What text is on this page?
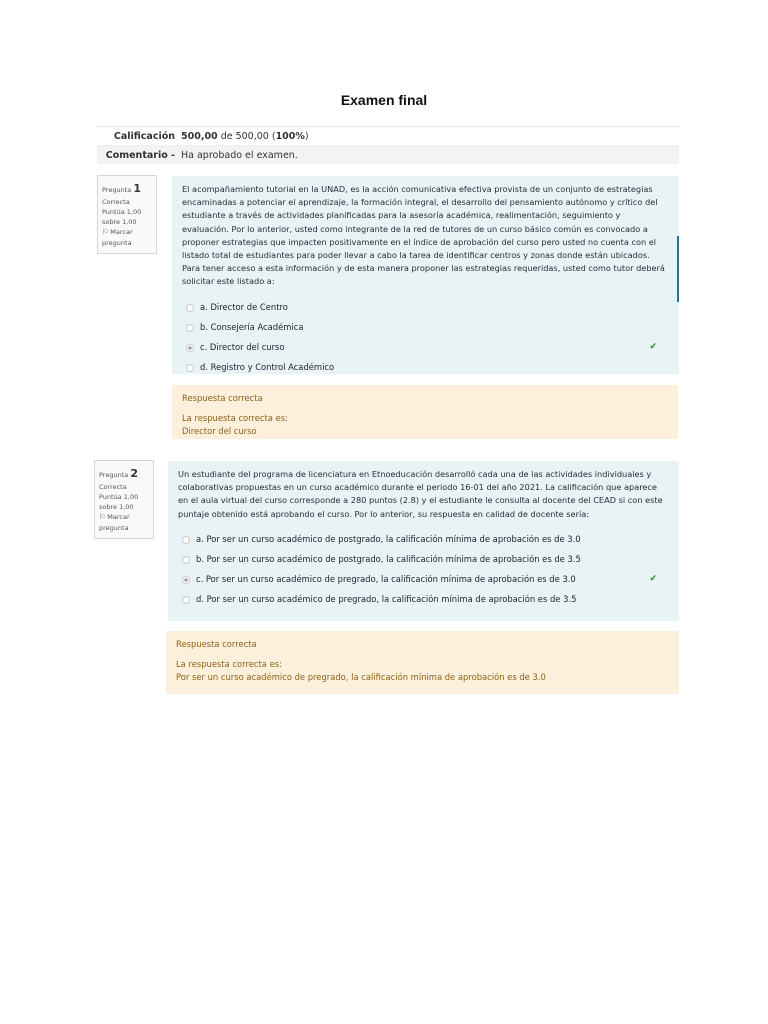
Examen final
Calificación 500,00 de 500,00 (100%)
Comentario - Ha aprobado el examen.
Pregunta 1
Correcta
Puntúa 1,00 sobre 1,00
⚐ Marcar pregunta

El acompañamiento tutorial en la UNAD, es la acción comunicativa efectiva provista de un conjunto de estrategias encaminadas a potenciar el aprendizaje, la formación integral, el desarrollo del pensamiento autónomo y crítico del estudiante a través de actividades planificadas para la asesoría académica, realimentación, seguimiento y evaluación. Por lo anterior, usted como integrante de la red de tutores de un curso básico común es convocado a proponer estrategias que impacten positivamente en el índice de aprobación del curso pero usted no cuenta con el listado total de estudiantes para poder llevar a cabo la tarea de identificar centros y zonas donde están ubicados. Para tener acceso a esta información y de esta manera proponer las estrategias requeridas, usted como tutor deberá solicitar este listado a:

a. Director de Centro
b. Consejería Académica
c. Director del curso	✔
d. Registro y Control Académico
Respuesta correcta
La respuesta correcta es:
Director del curso
Pregunta 2
Correcta
Puntúa 1,00 sobre 1,00
⚐ Marcar pregunta

Un estudiante del programa de licenciatura en Etnoeducación desarrolló cada una de las actividades individuales y colaborativas propuestas en un curso académico durante el periodo 16-01 del año 2021. La calificación que aparece en el aula virtual del curso corresponde a 280 puntos (2.8) y el estudiante le consulta al docente del CEAD si con este puntaje obtenido está aprobando el curso. Por lo anterior, su respuesta en calidad de docente sería:

a. Por ser un curso académico de postgrado, la calificación mínima de aprobación es de 3.0
b. Por ser un curso académico de postgrado, la calificación mínima de aprobación es de 3.5
c. Por ser un curso académico de pregrado, la calificación mínima de aprobación es de 3.0	✔
d. Por ser un curso académico de pregrado, la calificación mínima de aprobación es de 3.5
Respuesta correcta
La respuesta correcta es:
Por ser un curso académico de pregrado, la calificación mínima de aprobación es de 3.0
